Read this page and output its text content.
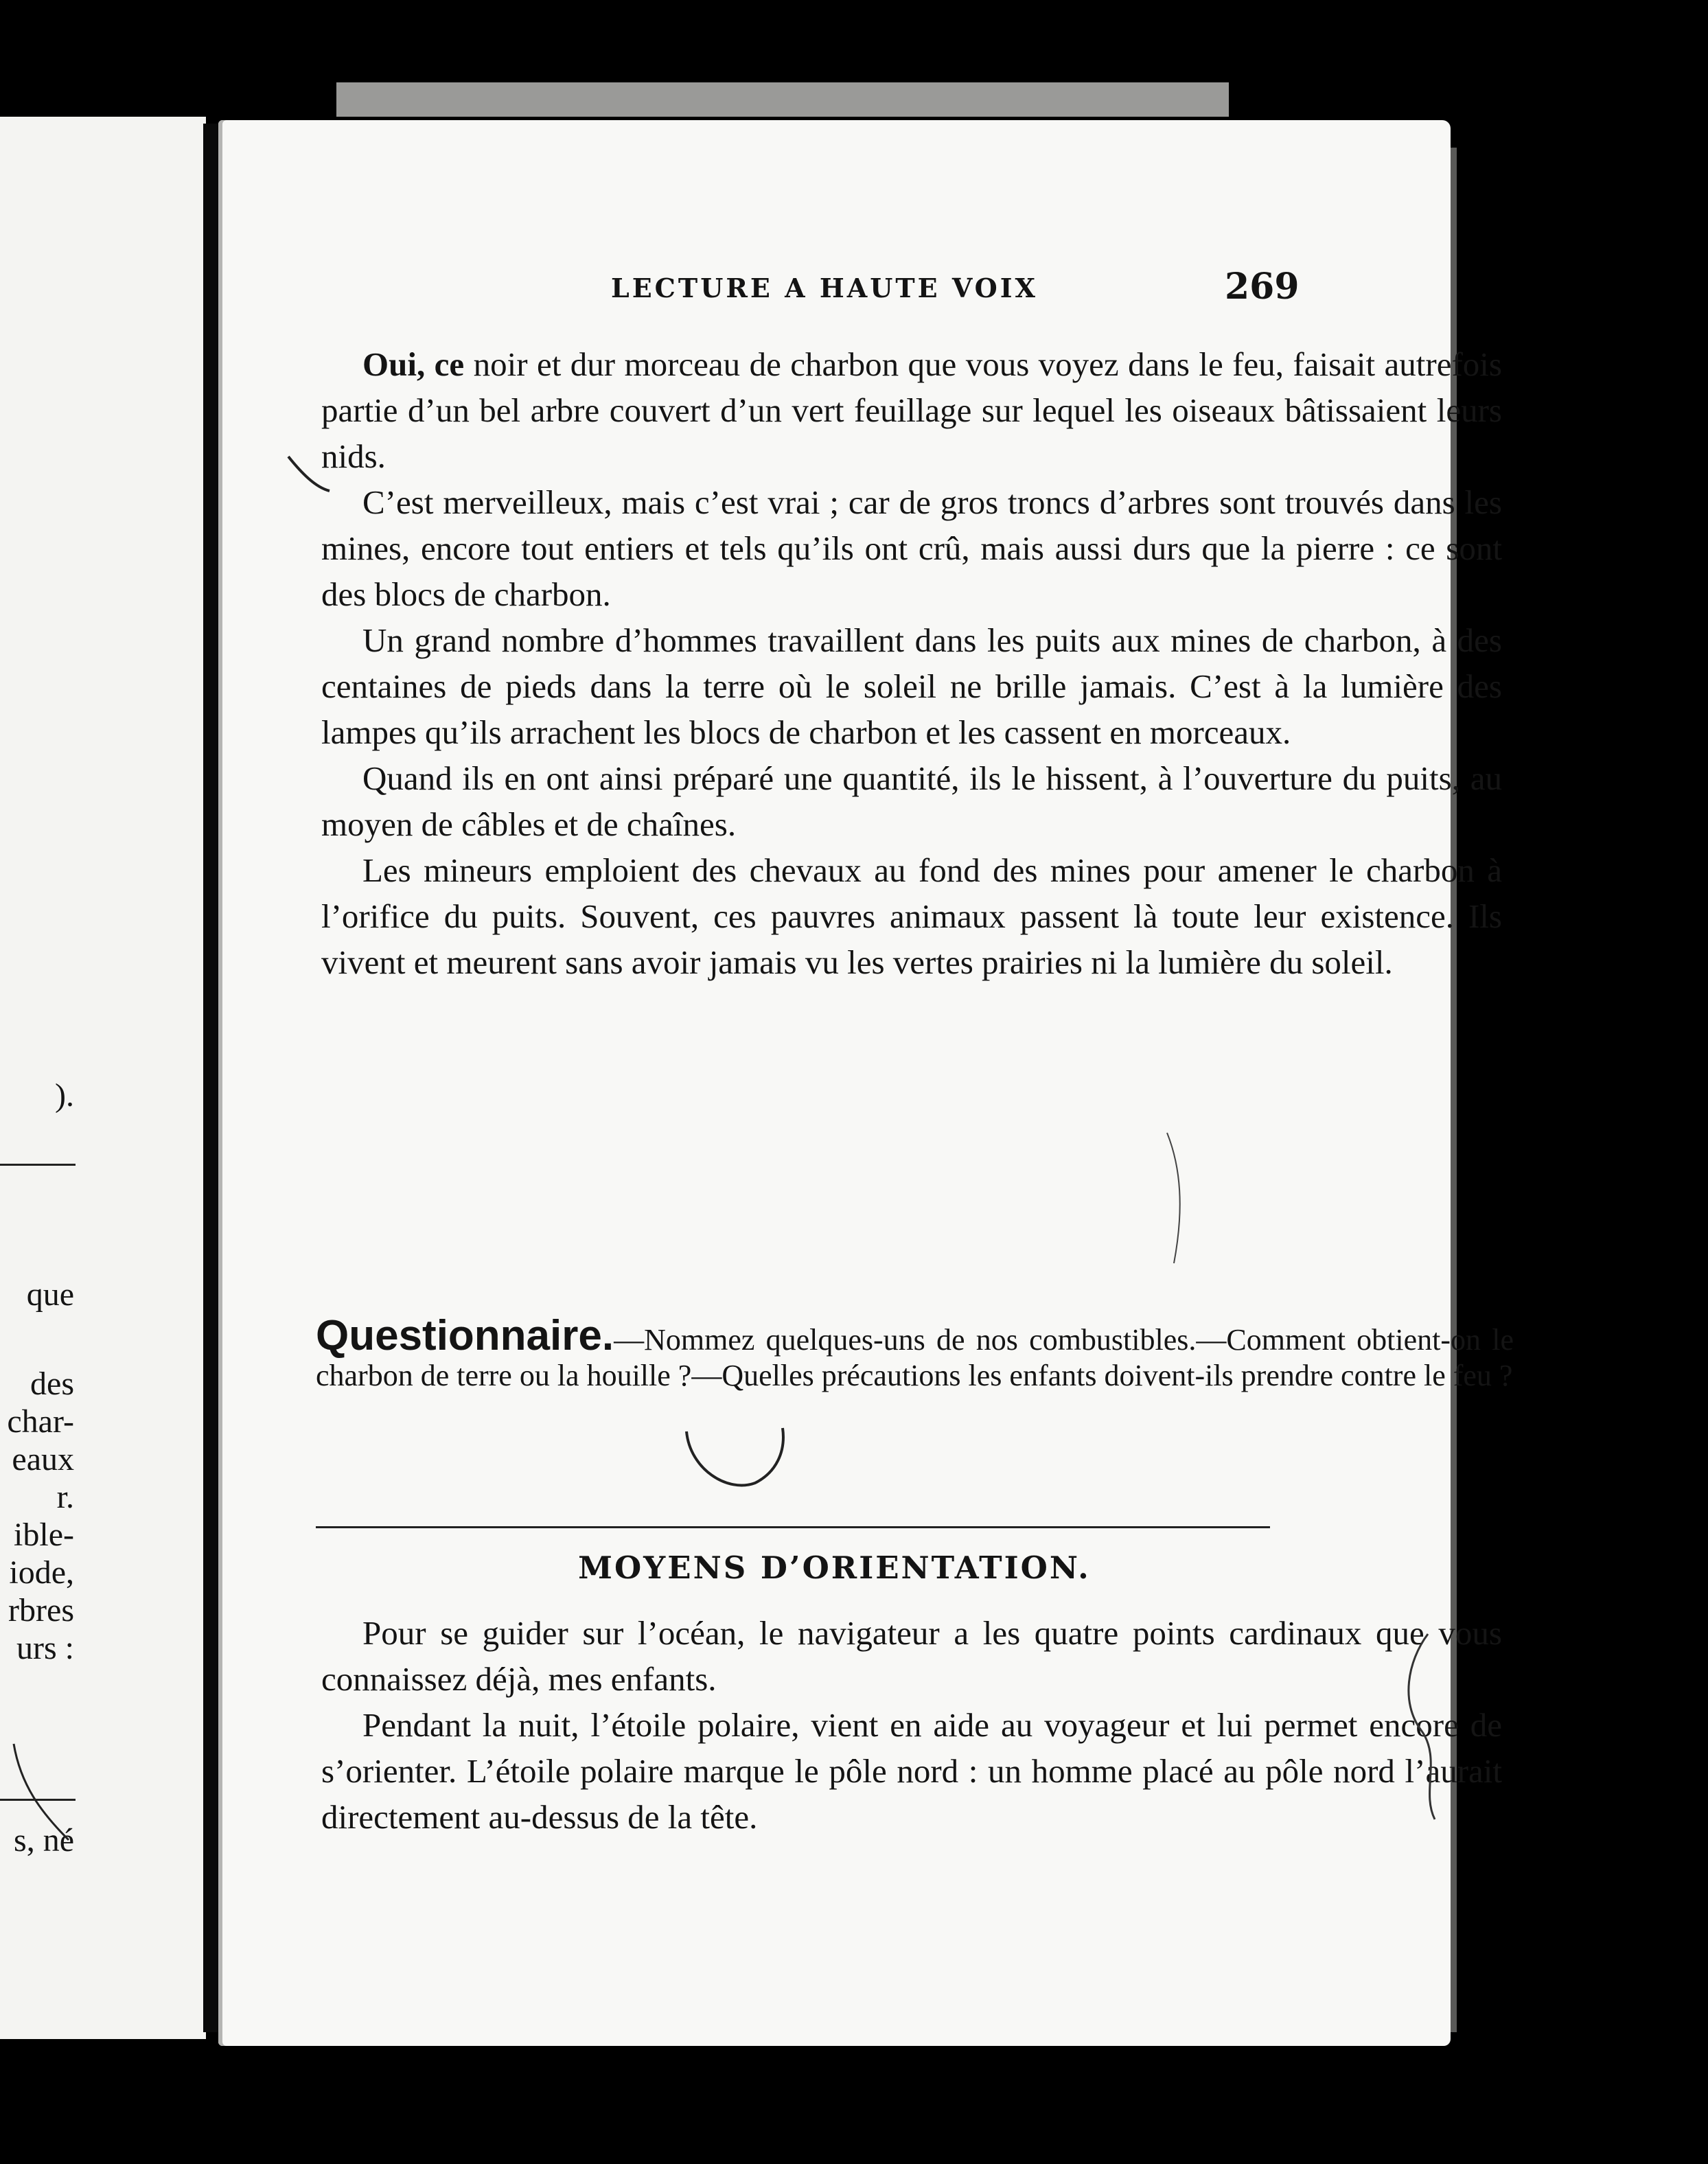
).
que
des
char-
eaux
r.
ible-
iode,
rbres
urs :
s, né
LECTURE A HAUTE VOIX	269

Oui, ce noir et dur morceau de charbon que vous voyez dans le feu, faisait autrefois partie d’un bel arbre couvert d’un vert feuillage sur lequel les oiseaux bâtissaient leurs nids.

C’est merveilleux, mais c’est vrai ; car de gros troncs d’arbres sont trouvés dans les mines, encore tout entiers et tels qu’ils ont crû, mais aussi durs que la pierre : ce sont des blocs de charbon.

Un grand nombre d’hommes travaillent dans les puits aux mines de charbon, à des centaines de pieds dans la terre où le soleil ne brille jamais. C’est à la lumière des lampes qu’ils arrachent les blocs de charbon et les cassent en morceaux.

Quand ils en ont ainsi préparé une quantité, ils le hissent, à l’ouverture du puits, au moyen de câbles et de chaînes.

Les mineurs emploient des chevaux au fond des mines pour amener le charbon à l’orifice du puits. Souvent, ces pauvres animaux passent là toute leur existence. Ils vivent et meurent sans avoir jamais vu les vertes prairies ni la lumière du soleil.

Questionnaire.—Nommez quelques-uns de nos combustibles.—Comment obtient-on le charbon de terre ou la houille ?—Quelles précautions les enfants doivent-ils prendre contre le feu ?
MOYENS D’ORIENTATION.

Pour se guider sur l’océan, le navigateur a les quatre points cardinaux que vous connaissez déjà, mes enfants.

Pendant la nuit, l’étoile polaire, vient en aide au voyageur et lui permet encore de s’orienter. L’étoile polaire marque le pôle nord : un homme placé au pôle nord l’aurait directement au-dessus de la tête.
